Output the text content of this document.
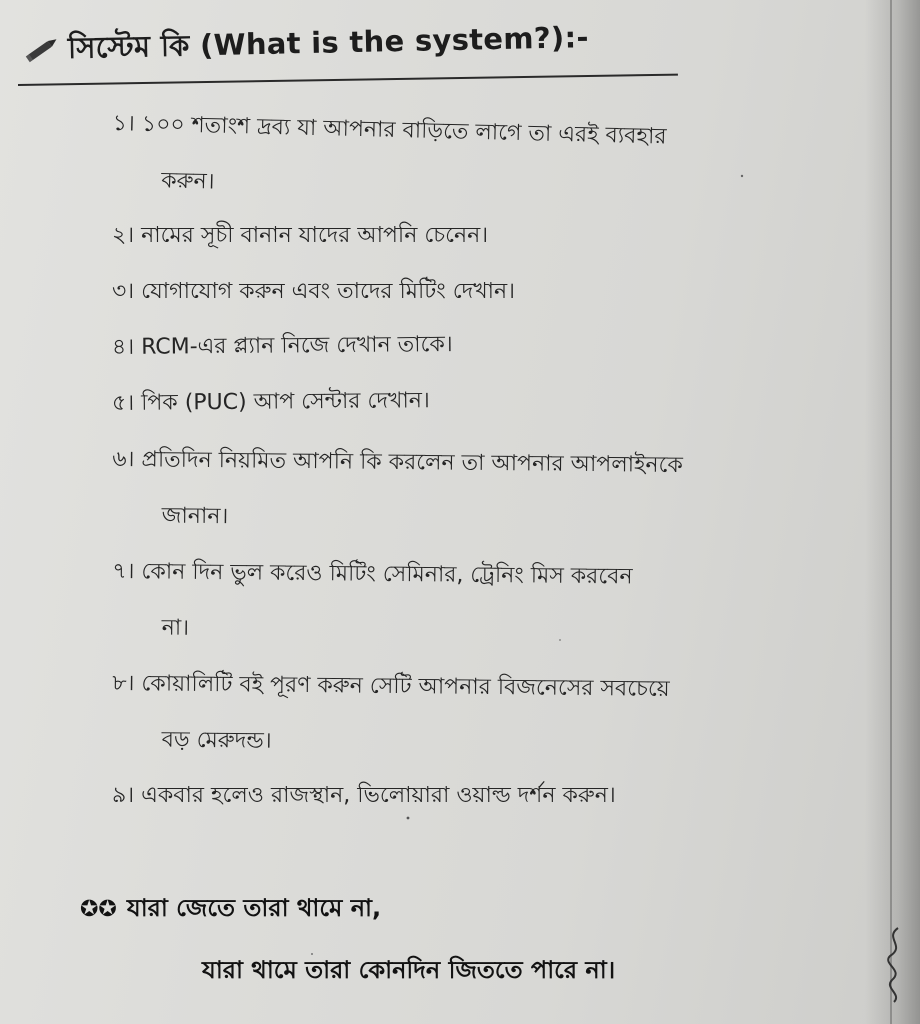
সিস্টেম কি (What is the system?):-
১। ১০০ শতাংশ দ্রব্য যা আপনার বাড়িতে লাগে তা এরই ব্যবহার
করুন।
২। নামের সূচী বানান যাদের আপনি চেনেন।
৩। যোগাযোগ করুন এবং তাদের মিটিং দেখান।
৪। RCM-এর প্ল্যান নিজে দেখান তাকে।
৫। পিক (PUC) আপ সেন্টার দেখান।
৬। প্রতিদিন নিয়মিত আপনি কি করলেন তা আপনার আপলাইনকে
জানান।
৭। কোন দিন ভুল করেও মিটিং সেমিনার, ট্রেনিং মিস করবেন
না।
৮। কোয়ালিটি বই পূরণ করুন সেটি আপনার বিজনেসের সবচেয়ে
বড় মেরুদন্ড।
৯। একবার হলেও রাজস্থান, ভিলোয়ারা ওয়াল্ড দর্শন করুন।
✪✪ যারা জেতে তারা থামে না,
যারা থামে তারা কোনদিন জিততে পারে না।
